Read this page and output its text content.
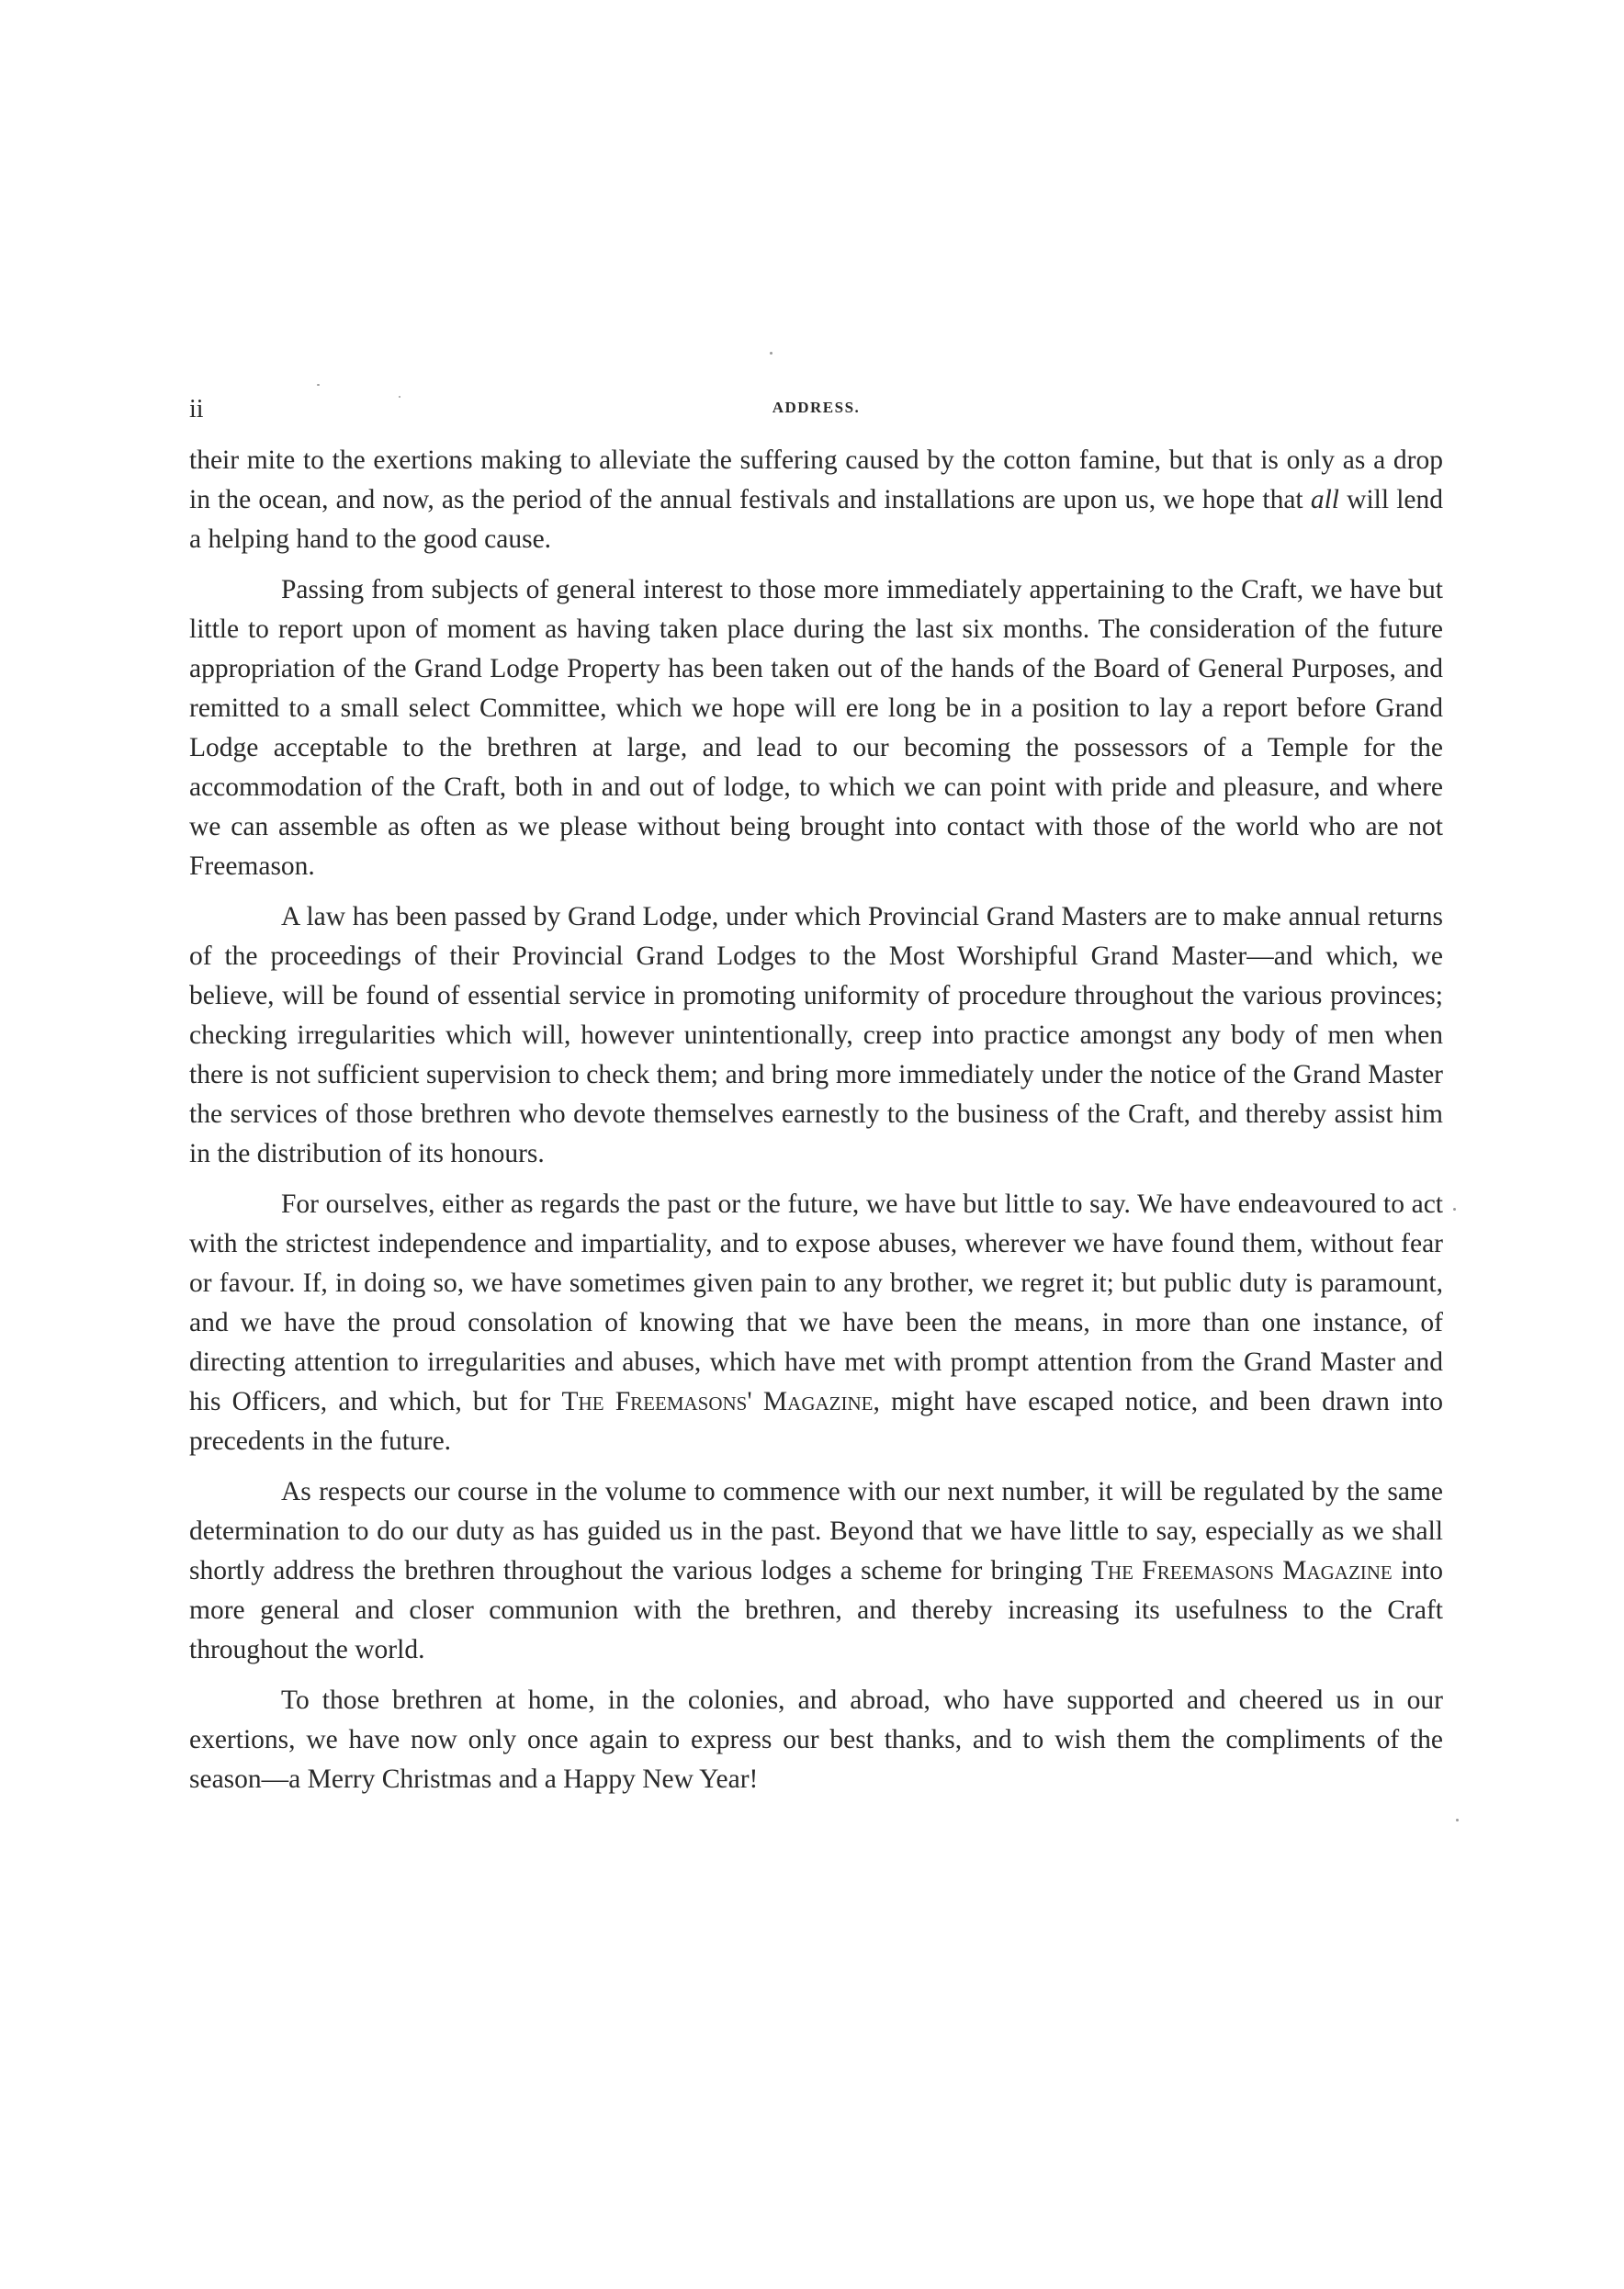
ii	ADDRESS.

their mite to the exertions making to alleviate the suffering caused by the cotton famine, but that is only as a drop in the ocean, and now, as the period of the annual festivals and installations are upon us, we hope that all will lend a helping hand to the good cause.

Passing from subjects of general interest to those more immediately appertaining to the Craft, we have but little to report upon of moment as having taken place during the last six months. The consideration of the future appropriation of the Grand Lodge Property has been taken out of the hands of the Board of General Purposes, and remitted to a small select Committee, which we hope will ere long be in a position to lay a report before Grand Lodge acceptable to the brethren at large, and lead to our becoming the possessors of a Temple for the accommodation of the Craft, both in and out of lodge, to which we can point with pride and pleasure, and where we can assemble as often as we please without being brought into contact with those of the world who are not Freemason.

A law has been passed by Grand Lodge, under which Provincial Grand Masters are to make annual returns of the proceedings of their Provincial Grand Lodges to the Most Worshipful Grand Master—and which, we believe, will be found of essential service in promoting uniformity of procedure throughout the various provinces; checking irregularities which will, however unintentionally, creep into practice amongst any body of men when there is not sufficient supervision to check them; and bring more immediately under the notice of the Grand Master the services of those brethren who devote themselves earnestly to the business of the Craft, and thereby assist him in the distribution of its honours.

For ourselves, either as regards the past or the future, we have but little to say. We have endeavoured to act with the strictest independence and impartiality, and to expose abuses, wherever we have found them, without fear or favour. If, in doing so, we have sometimes given pain to any brother, we regret it; but public duty is paramount, and we have the proud consolation of knowing that we have been the means, in more than one instance, of directing attention to irregularities and abuses, which have met with prompt attention from the Grand Master and his Officers, and which, but for The Freemasons' Magazine, might have escaped notice, and been drawn into precedents in the future.

As respects our course in the volume to commence with our next number, it will be regulated by the same determination to do our duty as has guided us in the past. Beyond that we have little to say, especially as we shall shortly address the brethren throughout the various lodges a scheme for bringing The Freemasons Magazine into more general and closer communion with the brethren, and thereby increasing its usefulness to the Craft throughout the world.

To those brethren at home, in the colonies, and abroad, who have supported and cheered us in our exertions, we have now only once again to express our best thanks, and to wish them the compliments of the season—a Merry Christmas and a Happy New Year!
